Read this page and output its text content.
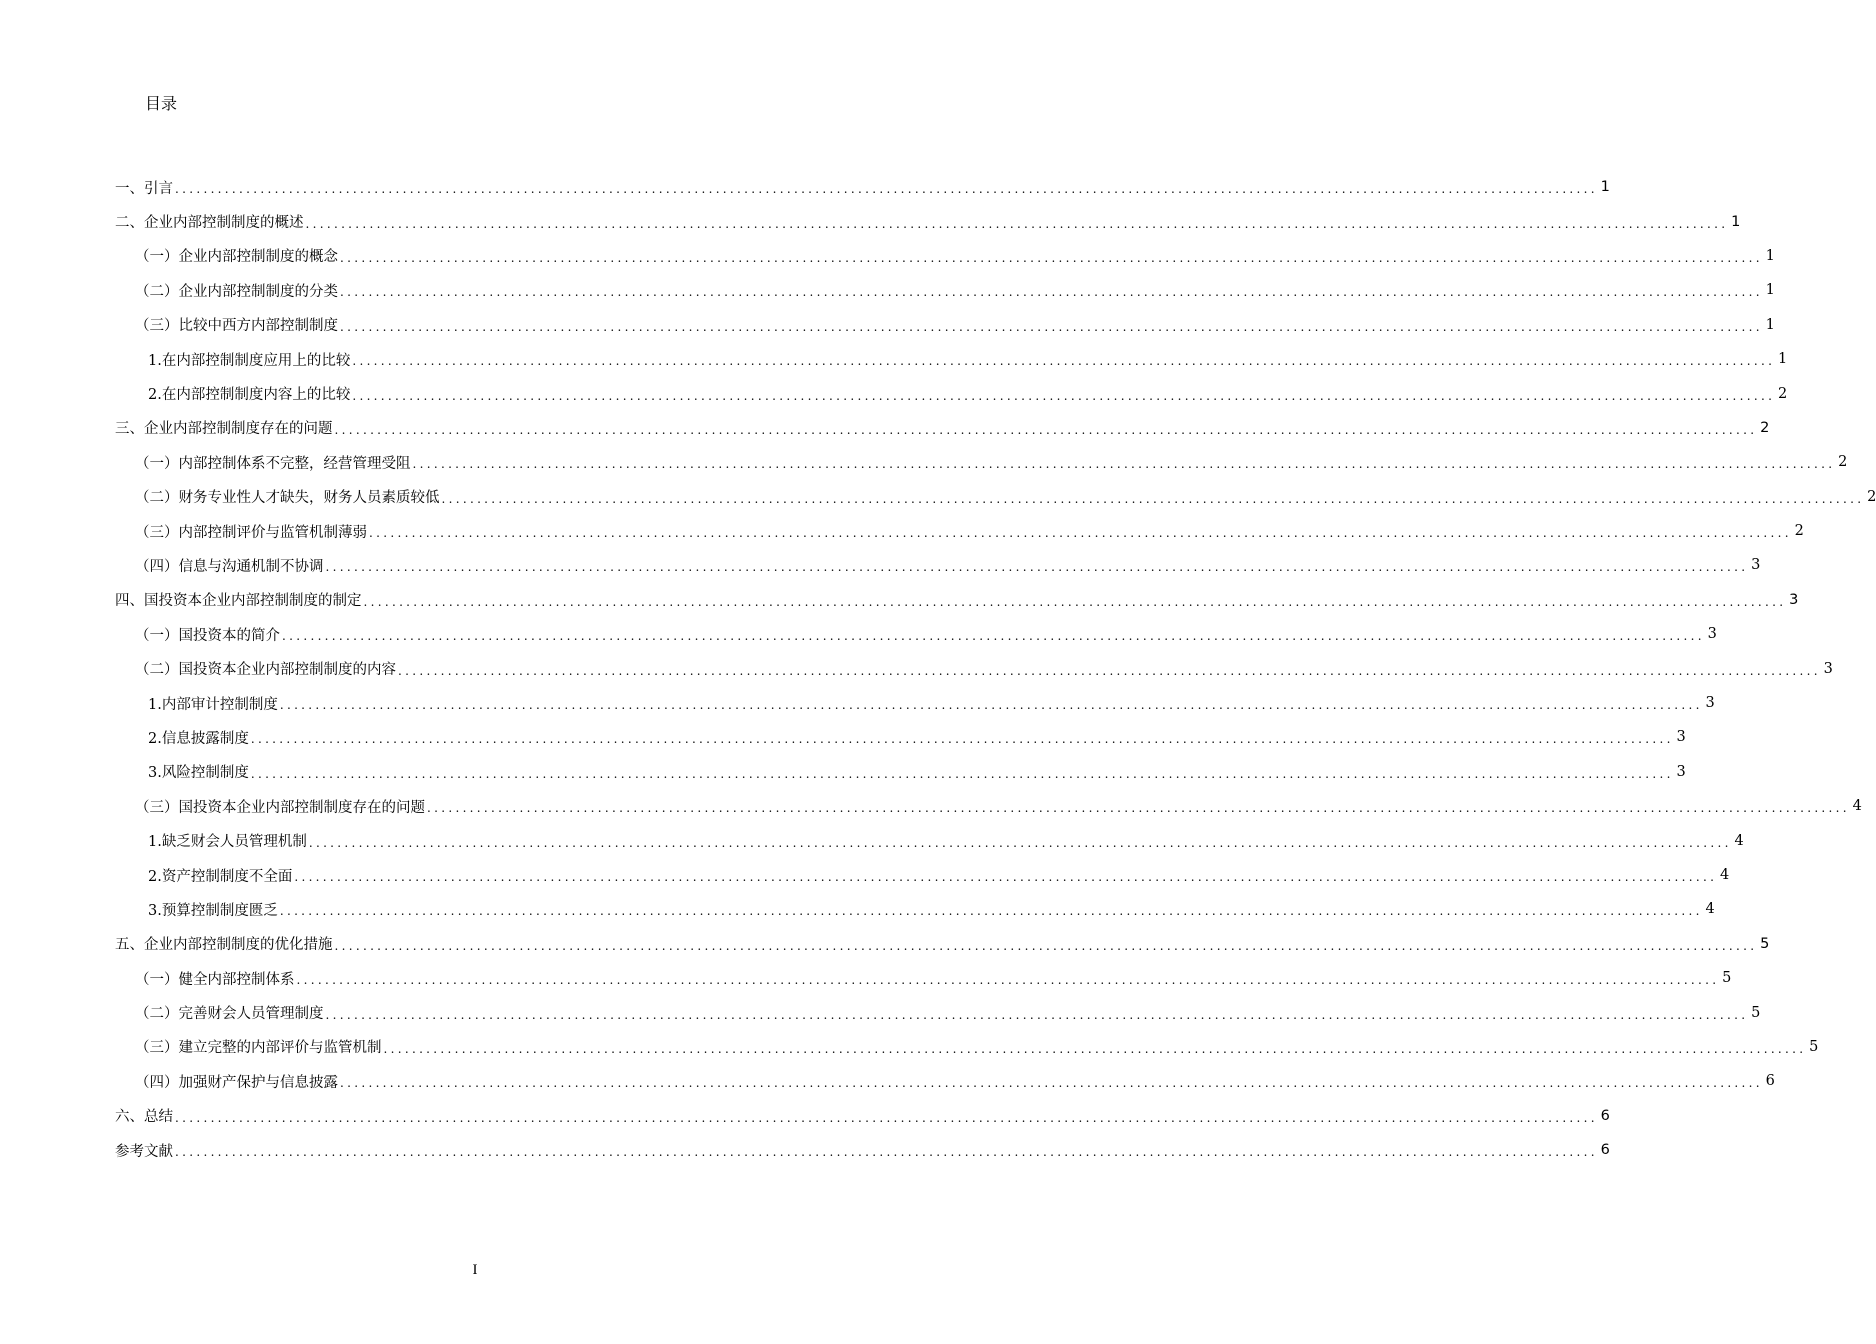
目录
一、引言 ........................................................................................................................................................................................................ 1
二、企业内部控制制度的概述 ........................................................................................................................................................................................................ 1
（一）企业内部控制制度的概念 ........................................................................................................................................................................................................ 1
（二）企业内部控制制度的分类 ........................................................................................................................................................................................................ 1
（三）比较中西方内部控制制度 ........................................................................................................................................................................................................ 1
1.在内部控制制度应用上的比较 ........................................................................................................................................................................................................ 1
2.在内部控制制度内容上的比较 ........................................................................................................................................................................................................ 2
三、企业内部控制制度存在的问题 ........................................................................................................................................................................................................ 2
（一）内部控制体系不完整，经营管理受阻 ........................................................................................................................................................................................................ 2
（二）财务专业性人才缺失，财务人员素质较低 ........................................................................................................................................................................................................ 2
（三）内部控制评价与监管机制薄弱 ........................................................................................................................................................................................................ 2
（四）信息与沟通机制不协调 ........................................................................................................................................................................................................ 3
四、国投资本企业内部控制制度的制定 ........................................................................................................................................................................................................ 3
（一）国投资本的简介 ........................................................................................................................................................................................................ 3
（二）国投资本企业内部控制制度的内容 ........................................................................................................................................................................................................ 3
1.内部审计控制制度 ........................................................................................................................................................................................................ 3
2.信息披露制度 ........................................................................................................................................................................................................ 3
3.风险控制制度 ........................................................................................................................................................................................................ 3
（三）国投资本企业内部控制制度存在的问题 ........................................................................................................................................................................................................ 4
1.缺乏财会人员管理机制 ........................................................................................................................................................................................................ 4
2.资产控制制度不全面 ........................................................................................................................................................................................................ 4
3.预算控制制度匮乏 ........................................................................................................................................................................................................ 4
五、企业内部控制制度的优化措施 ........................................................................................................................................................................................................ 5
（一）健全内部控制体系 ........................................................................................................................................................................................................ 5
（二）完善财会人员管理制度 ........................................................................................................................................................................................................ 5
（三）建立完整的内部评价与监管机制 ........................................................................................................................................................................................................ 5
（四）加强财产保护与信息披露 ........................................................................................................................................................................................................ 6
六、总结 ........................................................................................................................................................................................................ 6
参考文献 ........................................................................................................................................................................................................ 6
I
